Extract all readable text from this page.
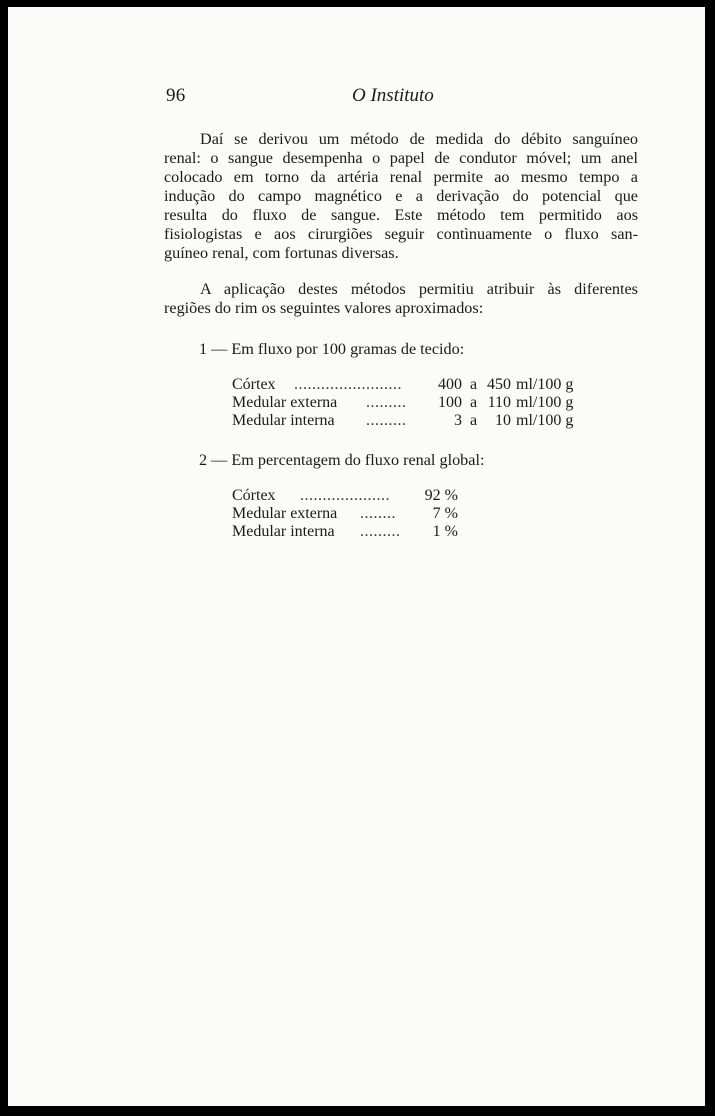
96	O Instituto
Daí se derivou um método de medida do débito sanguíneo
renal: o sangue desempenha o papel de condutor móvel; um anel
colocado em torno da artéria renal permite ao mesmo tempo a
indução do campo magnético e a derivação do potencial que
resulta do fluxo de sangue. Este método tem permitido aos
fisiologistas e aos cirurgiões seguir contìnuamente o fluxo san-
guíneo renal, com fortunas diversas.
A aplicação destes métodos permitiu atribuir às diferentes
regiões do rim os seguintes valores aproximados:
1 — Em fluxo por 100 gramas de tecido:
Córtex ........................	400 a 450 ml/100 g
Medular externa .........	100 a 110 ml/100 g
Medular interna .........	3 a	10 ml/100 g
2 — Em percentagem do fluxo renal global:
Córtex ....................	92 %
Medular externa ........	7 %
Medular interna .........	1 %
